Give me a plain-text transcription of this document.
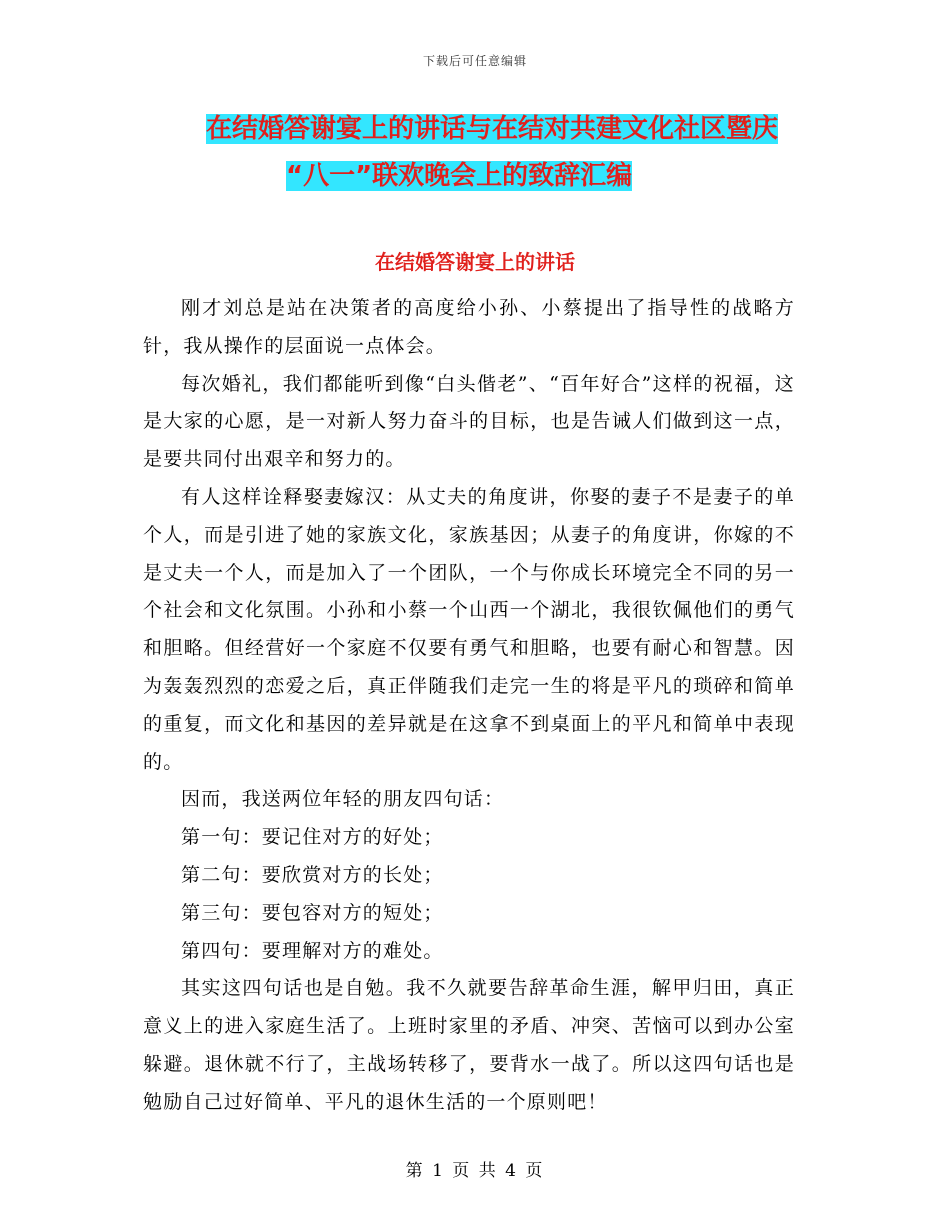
下载后可任意编辑
在结婚答谢宴上的讲话与在结对共建文化社区暨庆
“八一”联欢晚会上的致辞汇编
在结婚答谢宴上的讲话

刚才刘总是站在决策者的高度给小孙、小蔡提出了指导性的战略方针，我从操作的层面说一点体会。

每次婚礼，我们都能听到像“白头偕老”、“百年好合”这样的祝福，这是大家的心愿，是一对新人努力奋斗的目标，也是告诫人们做到这一点，是要共同付出艰辛和努力的。

有人这样诠释娶妻嫁汉：从丈夫的角度讲，你娶的妻子不是妻子的单个人，而是引进了她的家族文化，家族基因；从妻子的角度讲，你嫁的不是丈夫一个人，而是加入了一个团队，一个与你成长环境完全不同的另一个社会和文化氛围。小孙和小蔡一个山西一个湖北，我很钦佩他们的勇气和胆略。但经营好一个家庭不仅要有勇气和胆略，也要有耐心和智慧。因为轰轰烈烈的恋爱之后，真正伴随我们走完一生的将是平凡的琐碎和简单的重复，而文化和基因的差异就是在这拿不到桌面上的平凡和简单中表现的。

因而，我送两位年轻的朋友四句话：

第一句：要记住对方的好处；

第二句：要欣赏对方的长处；

第三句：要包容对方的短处；

第四句：要理解对方的难处。

其实这四句话也是自勉。我不久就要告辞革命生涯，解甲归田，真正意义上的进入家庭生活了。上班时家里的矛盾、冲突、苦恼可以到办公室躲避。退休就不行了，主战场转移了，要背水一战了。所以这四句话也是勉励自己过好简单、平凡的退休生活的一个原则吧！

第 1 页 共 4 页
